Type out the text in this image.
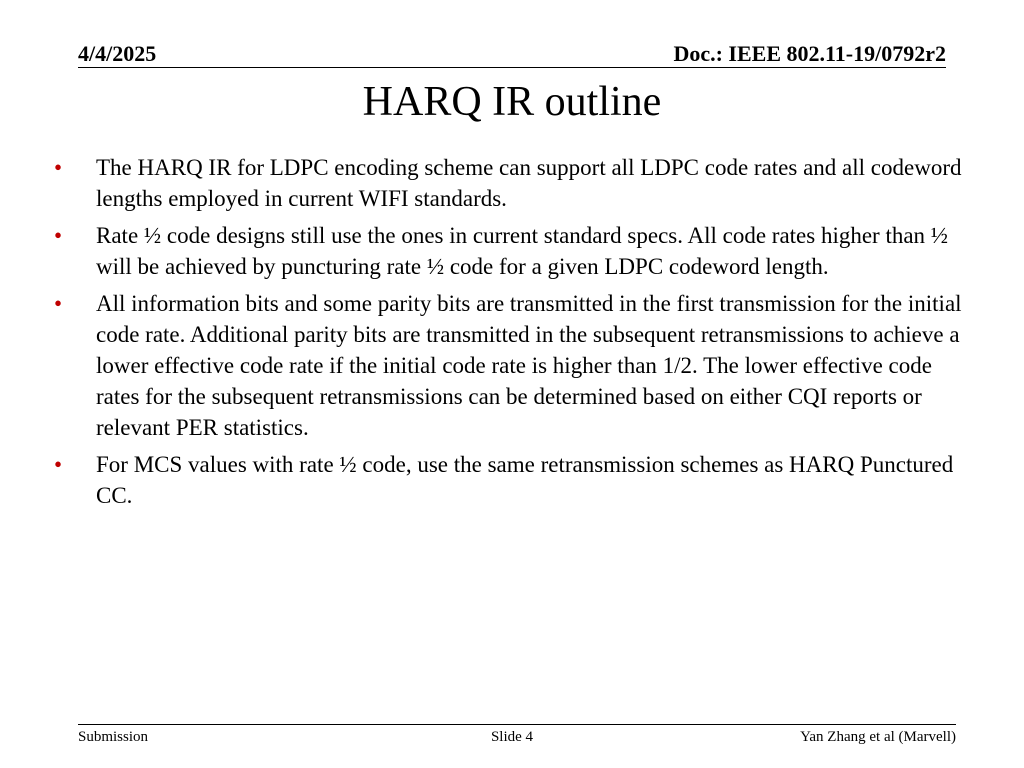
4/4/2025	Doc.: IEEE 802.11-19/0792r2
HARQ IR outline
•	The HARQ IR for LDPC encoding scheme can support all LDPC code rates and all codeword lengths employed in current WIFI standards.
•	Rate ½ code designs still use the ones in current standard specs. All code rates higher than ½ will be achieved by puncturing rate ½ code for a given LDPC codeword length.
•	All information bits and some parity bits are transmitted in the first transmission for the initial code rate. Additional parity bits are transmitted in the subsequent retransmissions to achieve a lower effective code rate if the initial code rate is higher than 1/2. The lower effective code rates for the subsequent retransmissions can be determined based on either CQI reports or relevant PER statistics.
•	For MCS values with rate ½ code, use the same retransmission schemes as HARQ Punctured CC.
Submission	Slide 4	Yan Zhang et al (Marvell)
